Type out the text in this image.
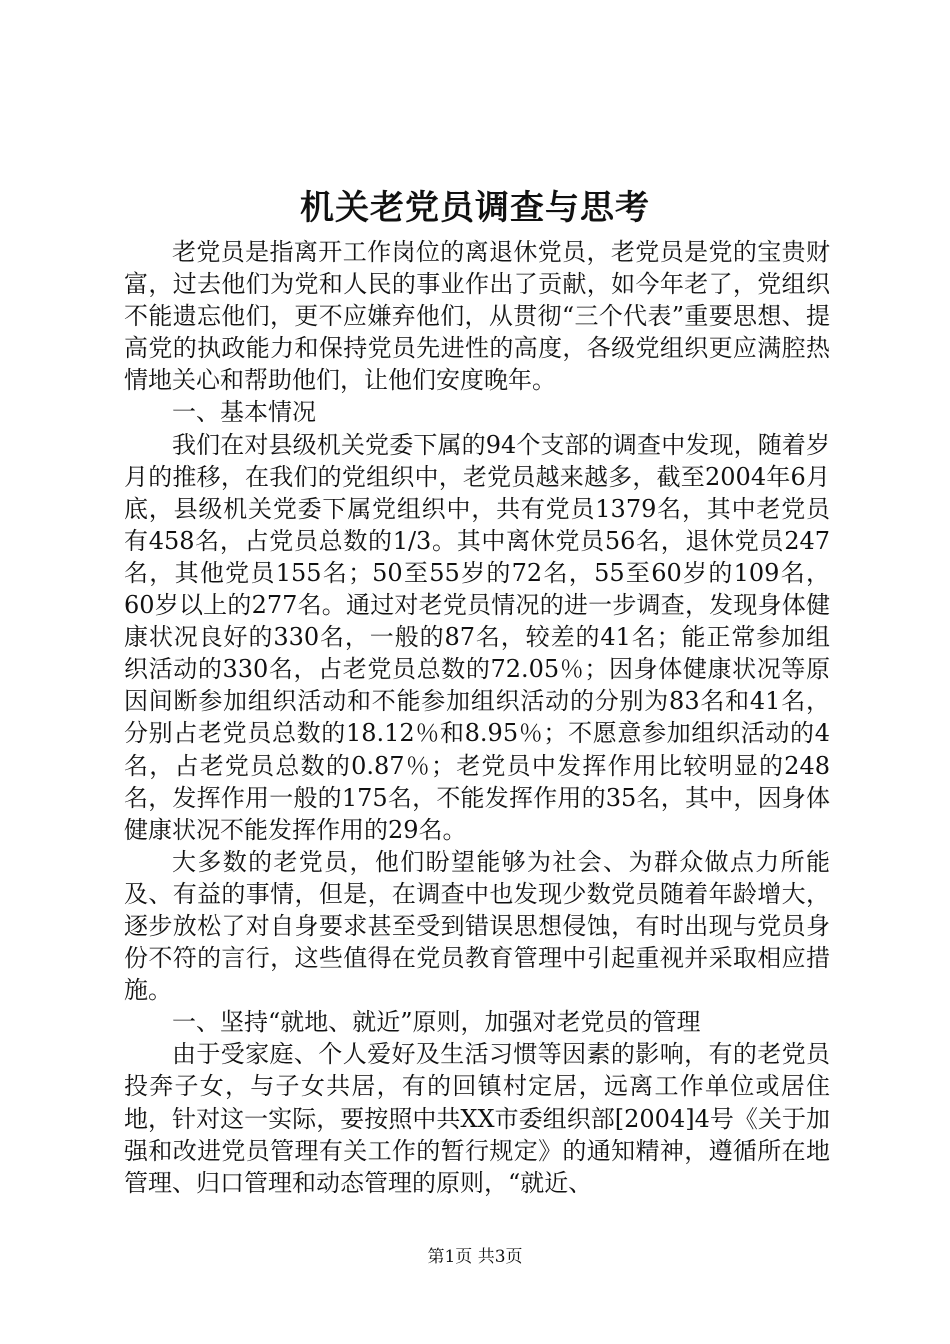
机关老党员调查与思考

老党员是指离开工作岗位的离退休党员，老党员是党的宝贵财富，过去他们为党和人民的事业作出了贡献，如今年老了，党组织不能遗忘他们，更不应嫌弃他们，从贯彻“三个代表”重要思想、提高党的执政能力和保持党员先进性的高度，各级党组织更应满腔热情地关心和帮助他们，让他们安度晚年。

一、基本情况

我们在对县级机关党委下属的94个支部的调查中发现，随着岁月的推移，在我们的党组织中，老党员越来越多，截至2004年6月底，县级机关党委下属党组织中，共有党员1379名，其中老党员有458名，占党员总数的1/3。其中离休党员56名，退休党员247名，其他党员155名；50至55岁的72名，55至60岁的109名，60岁以上的277名。通过对老党员情况的进一步调查，发现身体健康状况良好的330名，一般的87名，较差的41名；能正常参加组织活动的330名，占老党员总数的72.05％；因身体健康状况等原因间断参加组织活动和不能参加组织活动的分别为83名和41名，分别占老党员总数的18.12％和8.95％；不愿意参加组织活动的4名，占老党员总数的0.87％；老党员中发挥作用比较明显的248名，发挥作用一般的175名，不能发挥作用的35名，其中，因身体健康状况不能发挥作用的29名。

大多数的老党员，他们盼望能够为社会、为群众做点力所能及、有益的事情，但是，在调查中也发现少数党员随着年龄增大，逐步放松了对自身要求甚至受到错误思想侵蚀，有时出现与党员身份不符的言行，这些值得在党员教育管理中引起重视并采取相应措施。

一、坚持“就地、就近”原则，加强对老党员的管理

由于受家庭、个人爱好及生活习惯等因素的影响，有的老党员投奔子女，与子女共居，有的回镇村定居，远离工作单位或居住地，针对这一实际，要按照中共XX市委组织部[2004]4号《关于加强和改进党员管理有关工作的暂行规定》的通知精神，遵循所在地管理、归口管理和动态管理的原则，“就近、

第1页 共3页
